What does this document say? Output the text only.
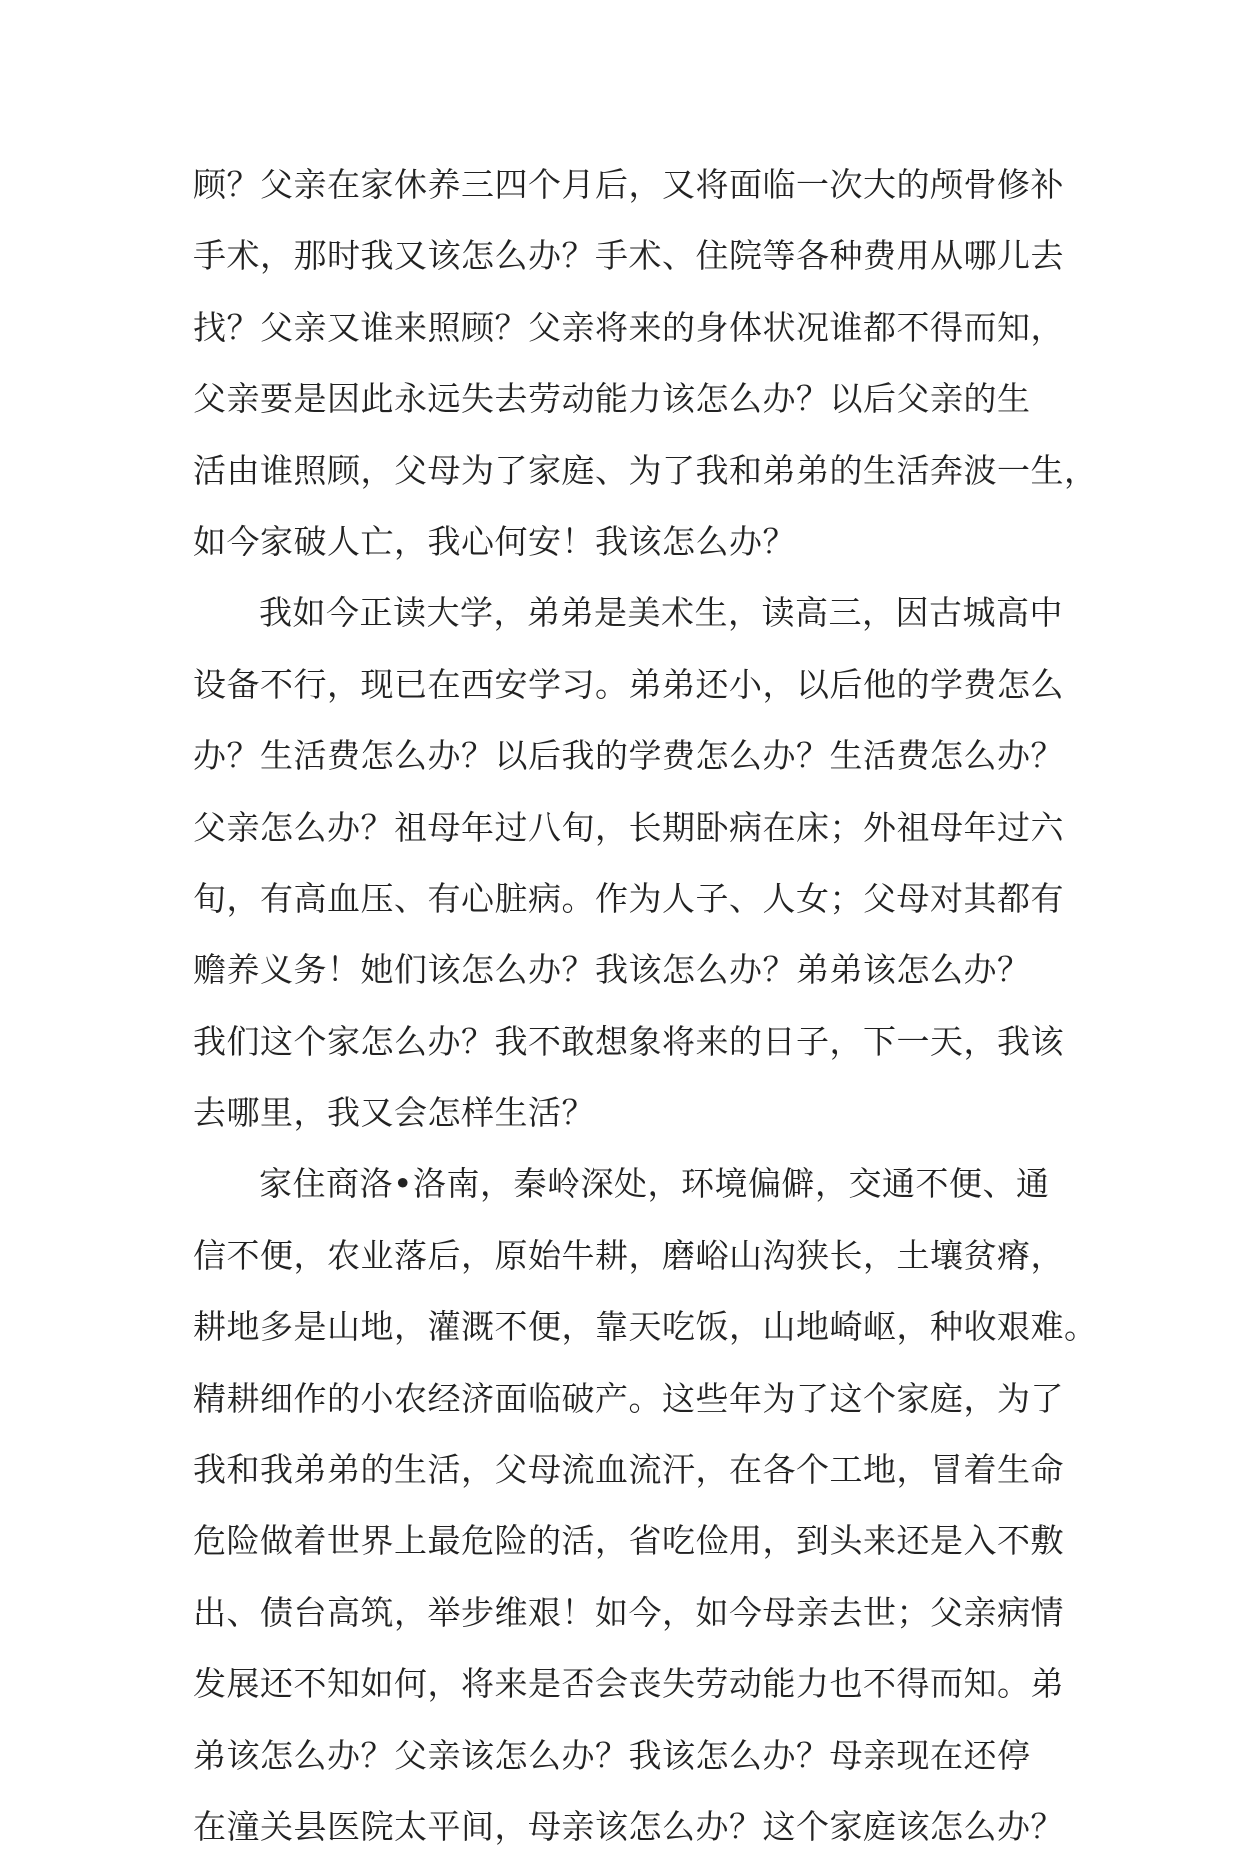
顾？父亲在家休养三四个月后，又将面临一次大的颅骨修补
手术，那时我又该怎么办？手术、住院等各种费用从哪儿去
找？父亲又谁来照顾？父亲将来的身体状况谁都不得而知，
父亲要是因此永远失去劳动能力该怎么办？以后父亲的生
活由谁照顾，父母为了家庭、为了我和弟弟的生活奔波一生，
如今家破人亡，我心何安！我该怎么办？
我如今正读大学，弟弟是美术生，读高三，因古城高中
设备不行，现已在西安学习。弟弟还小，以后他的学费怎么
办？生活费怎么办？以后我的学费怎么办？生活费怎么办？
父亲怎么办？祖母年过八旬，长期卧病在床；外祖母年过六
旬，有高血压、有心脏病。作为人子、人女；父母对其都有
赡养义务！她们该怎么办？我该怎么办？弟弟该怎么办？
我们这个家怎么办？我不敢想象将来的日子，下一天，我该
去哪里，我又会怎样生活？
家住商洛•洛南，秦岭深处，环境偏僻，交通不便、通
信不便，农业落后，原始牛耕，磨峪山沟狭长，土壤贫瘠，
耕地多是山地，灌溉不便，靠天吃饭，山地崎岖，种收艰难。
精耕细作的小农经济面临破产。这些年为了这个家庭，为了
我和我弟弟的生活，父母流血流汗，在各个工地，冒着生命
危险做着世界上最危险的活，省吃俭用，到头来还是入不敷
出、债台高筑，举步维艰！如今，如今母亲去世；父亲病情
发展还不知如何，将来是否会丧失劳动能力也不得而知。弟
弟该怎么办？父亲该怎么办？我该怎么办？母亲现在还停
在潼关县医院太平间，母亲该怎么办？这个家庭该怎么办？
